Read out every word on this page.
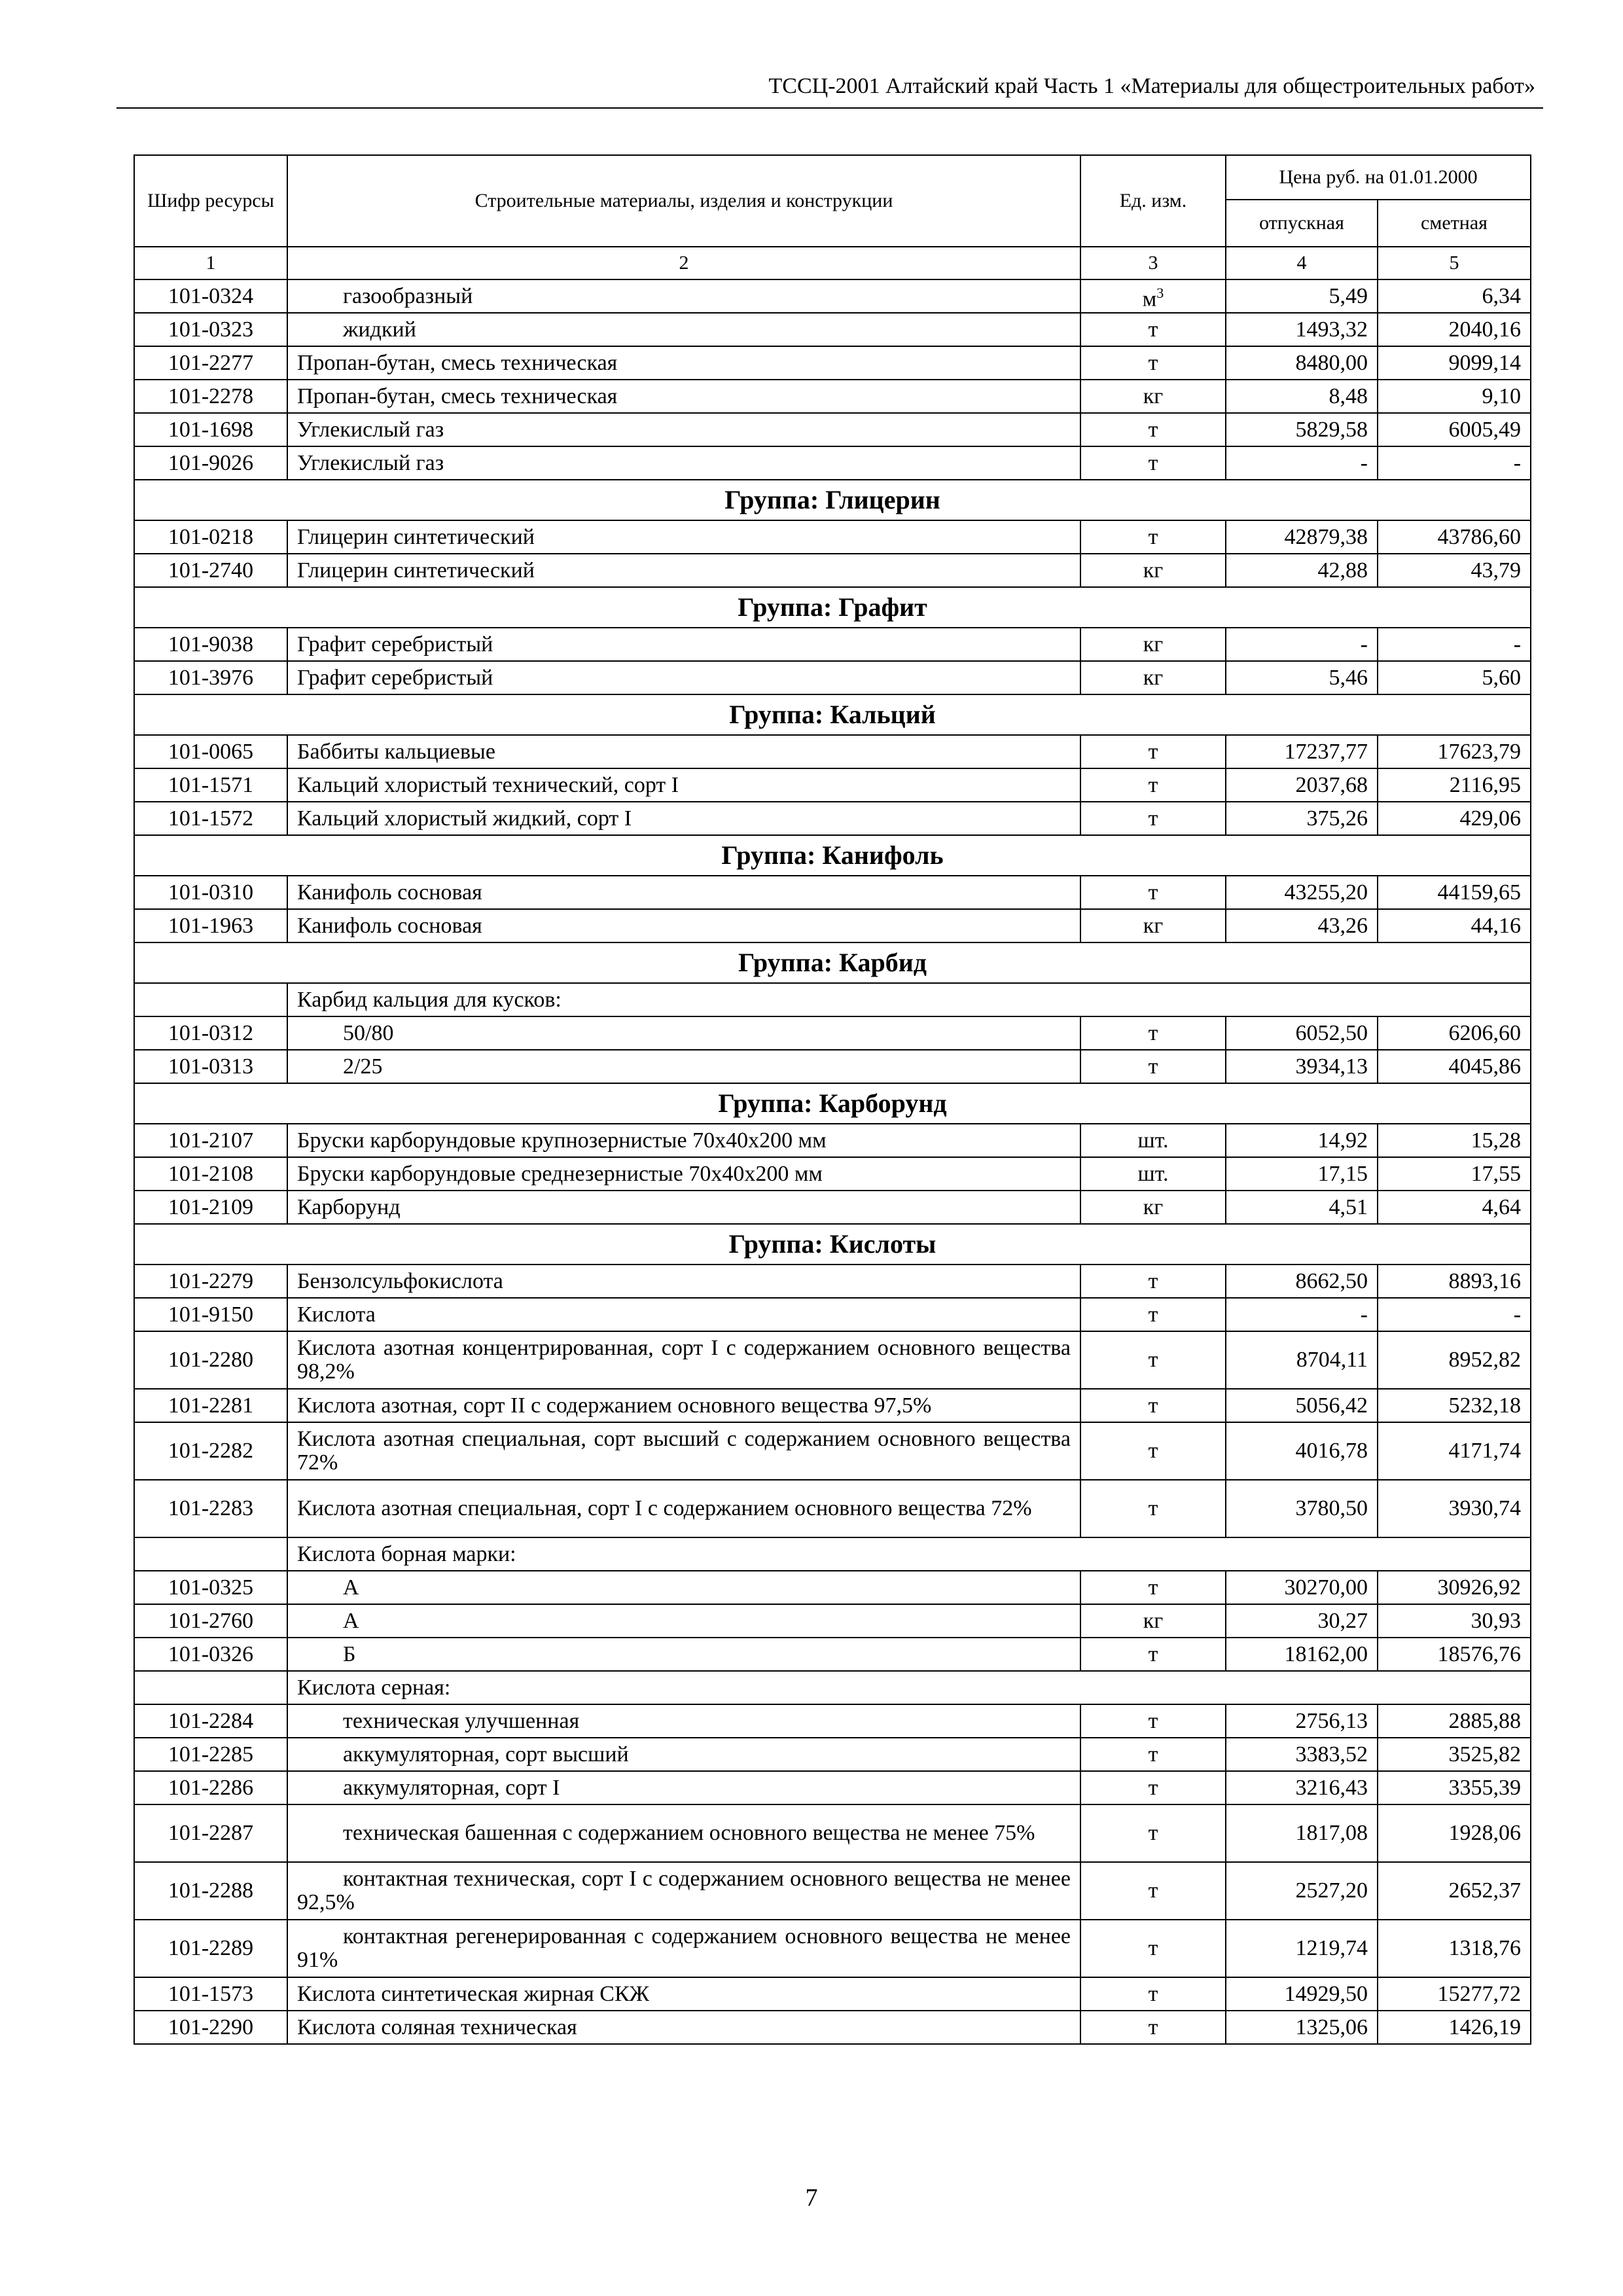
ТССЦ-2001 Алтайский край Часть 1 «Материалы для общестроительных работ»
Шифр ресурсы	Строительные материалы, изделия и конструкции	Ед. изм.	Цена руб. на 01.01.2000	
			отпускная	сметная
1	2	3	4	5
101-0324	газообразный	$м^3$	5,49	6,34
101-0323	жидкий	т	1493,32	2040,16
101-2277	Пропан-бутан, смесь техническая	т	8480,00	9099,14
101-2278	Пропан-бутан, смесь техническая	кг	8,48	9,10
101-1698	Углекислый газ	т	5829,58	6005,49
101-9026	Углекислый газ	т	-	-
Группа: Глицерин				
101-0218	Глицерин синтетический	т	42879,38	43786,60
101-2740	Глицерин синтетический	кг	42,88	43,79
Группа: Графит				
101-9038	Графит серебристый	кг	-	-
101-3976	Графит серебристый	кг	5,46	5,60
Группа: Кальций				
101-0065	Баббиты кальциевые	т	17237,77	17623,79
101-1571	Кальций хлористый технический, сорт I	т	2037,68	2116,95
101-1572	Кальций хлористый жидкий, сорт I	т	375,26	429,06
Группа: Канифоль				
101-0310	Канифоль сосновая	т	43255,20	44159,65
101-1963	Канифоль сосновая	кг	43,26	44,16
Группа: Карбид				
	Карбид кальция для кусков:			
101-0312	50/80	т	6052,50	6206,60
101-0313	2/25	т	3934,13	4045,86
Группа: Карборунд				
101-2107	Бруски карборундовые крупнозернистые 70х40х200 мм	шт.	14,92	15,28
101-2108	Бруски карборундовые среднезернистые 70х40х200 мм	шт.	17,15	17,55
101-2109	Карборунд	кг	4,51	4,64
Группа: Кислоты				
101-2279	Бензолсульфокислота	т	8662,50	8893,16
101-9150	Кислота	т	-	-
101-2280	Кислота азотная концентрированная, сорт I с содержанием основного вещества 98,2%	т	8704,11	8952,82
101-2281	Кислота азотная, сорт II с содержанием основного вещества 97,5%	т	5056,42	5232,18
101-2282	Кислота азотная специальная, сорт высший с содержанием основного вещества 72%	т	4016,78	4171,74
101-2283	Кислота азотная специальная, сорт I с содержанием основного вещества 72%	т	3780,50	3930,74
	Кислота борная марки:			
101-0325	А	т	30270,00	30926,92
101-2760	А	кг	30,27	30,93
101-0326	Б	т	18162,00	18576,76
	Кислота серная:			
101-2284	техническая улучшенная	т	2756,13	2885,88
101-2285	аккумуляторная, сорт высший	т	3383,52	3525,82
101-2286	аккумуляторная, сорт I	т	3216,43	3355,39
101-2287	техническая башенная с содержанием основного вещества не менее 75%	т	1817,08	1928,06
101-2288	контактная техническая, сорт I с содержанием основного вещества не менее 92,5%	т	2527,20	2652,37
101-2289	контактная регенерированная с содержанием основного вещества не менее 91%	т	1219,74	1318,76
101-1573	Кислота синтетическая жирная СКЖ	т	14929,50	15277,72
101-2290	Кислота соляная техническая	т	1325,06	1426,19
7
